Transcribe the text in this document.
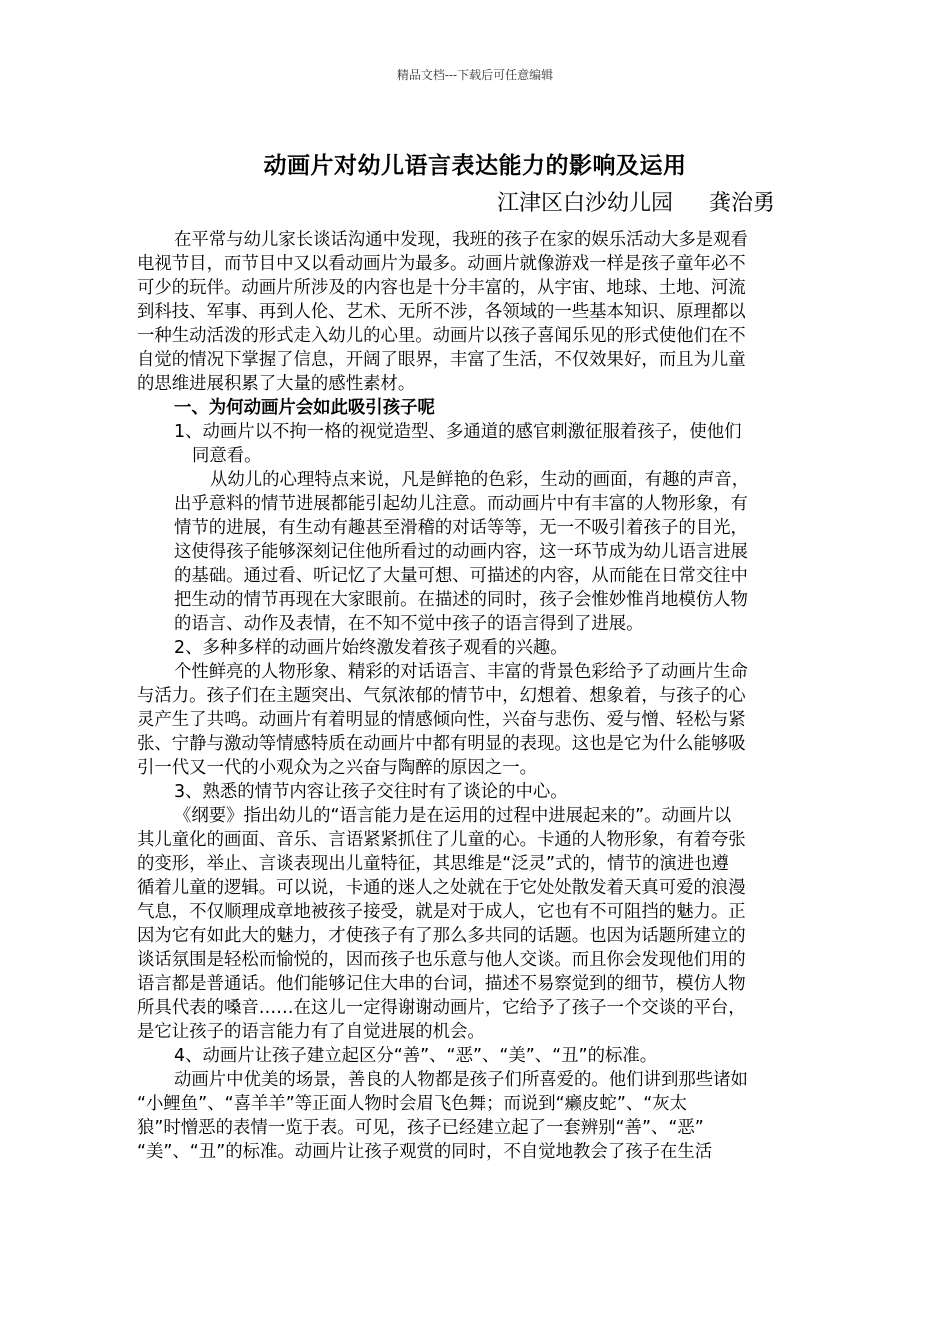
精品文档---下载后可任意编辑
动画片对幼儿语言表达能力的影响及运用
江津区白沙幼儿园 龚治勇
在平常与幼儿家长谈话沟通中发现，我班的孩子在家的娱乐活动大多是观看
电视节目，而节目中又以看动画片为最多。动画片就像游戏一样是孩子童年必不
可少的玩伴。动画片所涉及的内容也是十分丰富的，从宇宙、地球、土地、河流
到科技、军事、再到人伦、艺术、无所不涉，各领域的一些基本知识、原理都以
一种生动活泼的形式走入幼儿的心里。动画片以孩子喜闻乐见的形式使他们在不
自觉的情况下掌握了信息，开阔了眼界，丰富了生活，不仅效果好，而且为儿童
的思维进展积累了大量的感性素材。
一、为何动画片会如此吸引孩子呢
1、动画片以不拘一格的视觉造型、多通道的感官刺激征服着孩子，使他们
同意看。
从幼儿的心理特点来说，凡是鲜艳的色彩，生动的画面，有趣的声音，
出乎意料的情节进展都能引起幼儿注意。而动画片中有丰富的人物形象，有
情节的进展，有生动有趣甚至滑稽的对话等等，无一不吸引着孩子的目光，
这使得孩子能够深刻记住他所看过的动画内容，这一环节成为幼儿语言进展
的基础。通过看、听记忆了大量可想、可描述的内容，从而能在日常交往中
把生动的情节再现在大家眼前。在描述的同时，孩子会惟妙惟肖地模仿人物
的语言、动作及表情，在不知不觉中孩子的语言得到了进展。
2、多种多样的动画片始终激发着孩子观看的兴趣。
个性鲜亮的人物形象、精彩的对话语言、丰富的背景色彩给予了动画片生命
与活力。孩子们在主题突出、气氛浓郁的情节中，幻想着、想象着，与孩子的心
灵产生了共鸣。动画片有着明显的情感倾向性，兴奋与悲伤、爱与憎、轻松与紧
张、宁静与激动等情感特质在动画片中都有明显的表现。这也是它为什么能够吸
引一代又一代的小观众为之兴奋与陶醉的原因之一。
3、熟悉的情节内容让孩子交往时有了谈论的中心。
《纲要》指出幼儿的“语言能力是在运用的过程中进展起来的”。动画片以
其儿童化的画面、音乐、言语紧紧抓住了儿童的心。卡通的人物形象，有着夸张
的变形，举止、言谈表现出儿童特征，其思维是“泛灵”式的，情节的演进也遵
循着儿童的逻辑。可以说，卡通的迷人之处就在于它处处散发着天真可爱的浪漫
气息，不仅顺理成章地被孩子接受，就是对于成人，它也有不可阻挡的魅力。正
因为它有如此大的魅力，才使孩子有了那么多共同的话题。也因为话题所建立的
谈话氛围是轻松而愉悦的，因而孩子也乐意与他人交谈。而且你会发现他们用的
语言都是普通话。他们能够记住大串的台词，描述不易察觉到的细节，模仿人物
所具代表的嗓音……在这儿一定得谢谢动画片，它给予了孩子一个交谈的平台，
是它让孩子的语言能力有了自觉进展的机会。
4、动画片让孩子建立起区分“善”、“恶”、“美”、“丑”的标准。
动画片中优美的场景，善良的人物都是孩子们所喜爱的。他们讲到那些诸如
“小鲤鱼”、“喜羊羊”等正面人物时会眉飞色舞；而说到“癞皮蛇”、“灰太
狼”时憎恶的表情一览于表。可见，孩子已经建立起了一套辨别“善”、“恶”
“美”、“丑”的标准。动画片让孩子观赏的同时，不自觉地教会了孩子在生活
